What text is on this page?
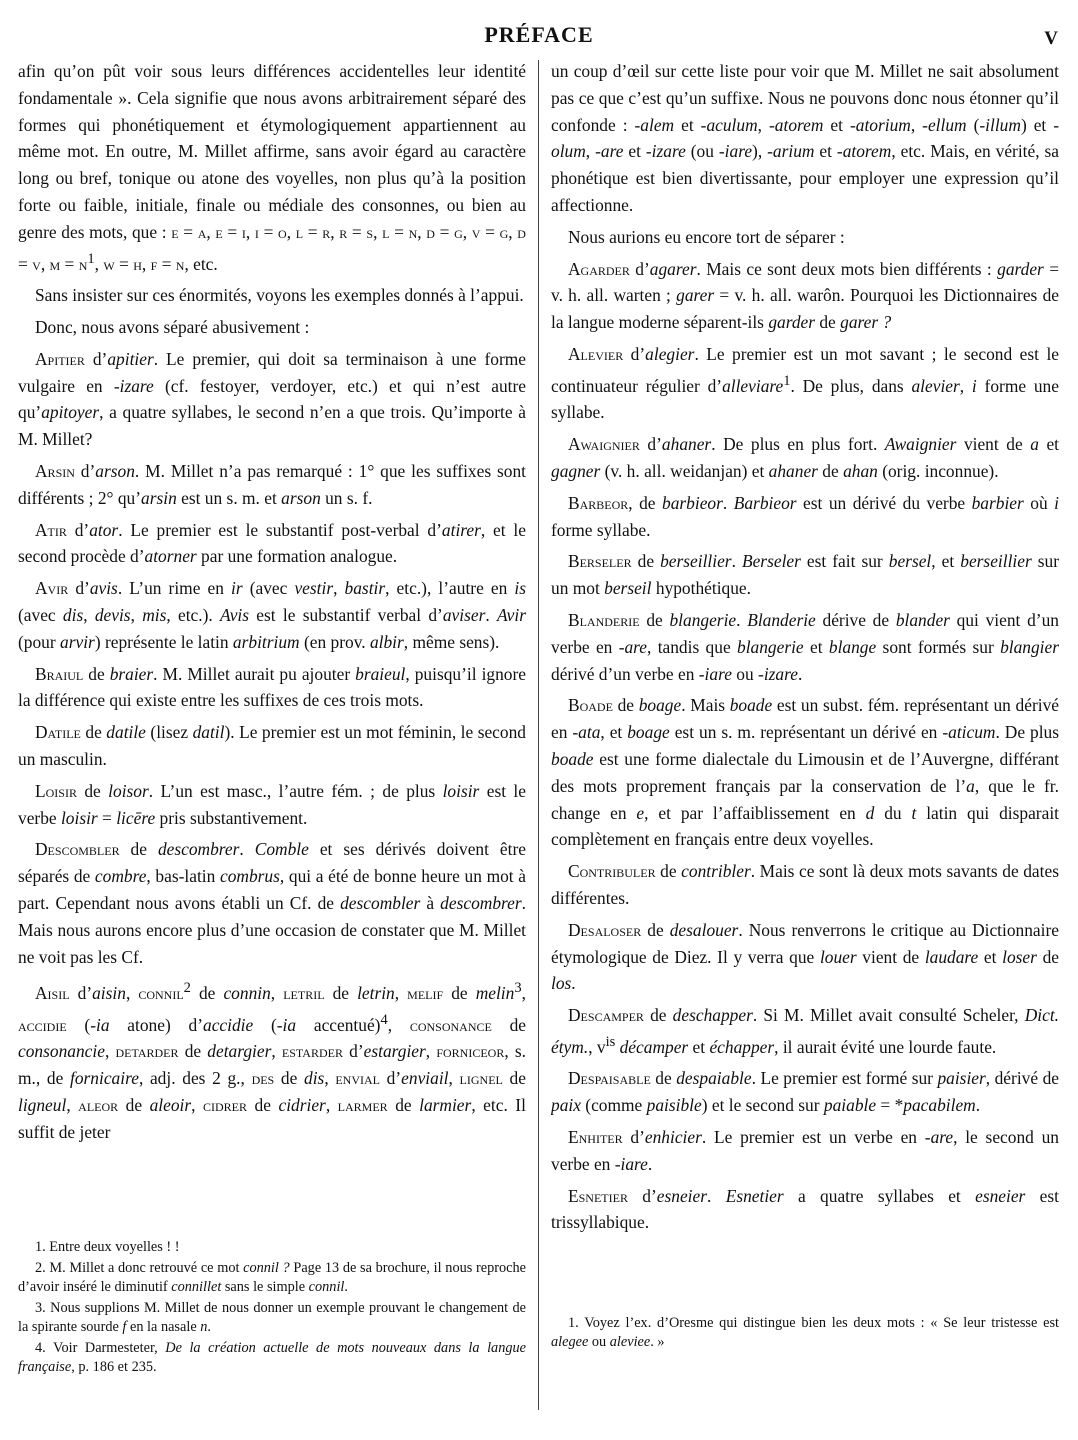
PRÉFACE	V

afin qu’on pût voir sous leurs différences accidentelles leur identité fondamentale ». Cela signifie que nous avons arbitrairement séparé des formes qui phonétiquement et étymologiquement appartiennent au même mot. En outre, M. Millet affirme, sans avoir égard au caractère long ou bref, tonique ou atone des voyelles, non plus qu’à la position forte ou faible, initiale, finale ou médiale des consonnes, ou bien au genre des mots, que : e = a, e = i, i = o, l = r, r = s, l = n, d = g, v = g, d = v, $m = n^1$, w = h, f = n, etc.

Sans insister sur ces énormités, voyons les exemples donnés à l’appui.

Donc, nous avons séparé abusivement :

Apitier d’apitier. Le premier, qui doit sa terminaison à une forme vulgaire en -izare (cf. festoyer, verdoyer, etc.) et qui n’est autre qu’apitoyer, a quatre syllabes, le second n’en a que trois. Qu’importe à M. Millet?

Arsin d’arson. M. Millet n’a pas remarqué : 1° que les suffixes sont différents ; 2° qu’arsin est un s. m. et arson un s. f.

Atir d’ator. Le premier est le substantif post-verbal d’atirer, et le second procède d’atorner par une formation analogue.

Avir d’avis. L’un rime en ir (avec vestir, bastir, etc.), l’autre en is (avec dis, devis, mis, etc.). Avis est le substantif verbal d’aviser. Avir (pour arvir) représente le latin arbitrium (en prov. albir, même sens).

Braiul de braier. M. Millet aurait pu ajouter braieul, puisqu’il ignore la différence qui existe entre les suffixes de ces trois mots.

Datile de datile (lisez datil). Le premier est un mot féminin, le second un masculin.

Loisir de loisor. L’un est masc., l’autre fém. ; de plus loisir est le verbe loisir = licēre pris substantivement.

Descombler de descombrer. Comble et ses dérivés doivent être séparés de combre, bas-latin combrus, qui a été de bonne heure un mot à part. Cependant nous avons établi un Cf. de descombler à descombrer. Mais nous aurons encore plus d’une occasion de constater que M. Millet ne voit pas les Cf.

Aisil d’aisin, connil$^2$ de connin, letril de letrin, melif de melin$^3$, accidie (-ia atone) d’accidie (-ia accentué)$^4$, consonance de consonancie, detarder de detargier, estarder d’estargier, forniceor, s. m., de fornicaire, adj. des 2 g., des de dis, envial d’enviail, lignel de ligneul, aleor de aleoir, cidrer de cidrier, larmer de larmier, etc. Il suffit de jeter

1. Entre deux voyelles ! !

2. M. Millet a donc retrouvé ce mot connil ? Page 13 de sa brochure, il nous reproche d’avoir inséré le diminutif connillet sans le simple connil.

3. Nous supplions M. Millet de nous donner un exemple prouvant le changement de la spirante sourde f en la nasale n.

4. Voir Darmesteter, De la création actuelle de mots nouveaux dans la langue française, p. 186 et 235.

un coup d’œil sur cette liste pour voir que M. Millet ne sait absolument pas ce que c’est qu’un suffixe. Nous ne pouvons donc nous étonner qu’il confonde : -alem et -aculum, -atorem et -atorium, -ellum (-illum) et -olum, -are et -izare (ou -iare), -arium et -atorem, etc. Mais, en vérité, sa phonétique est bien divertissante, pour employer une expression qu’il affectionne.

Nous aurions eu encore tort de séparer :

Agarder d’agarer. Mais ce sont deux mots bien différents : garder = v. h. all. warten ; garer = v. h. all. warôn. Pourquoi les Dictionnaires de la langue moderne séparent-ils garder de garer ?

Alevier d’alegier. Le premier est un mot savant ; le second est le continuateur régulier d’alleviare$^1$. De plus, dans alevier, i forme une syllabe.

Awaignier d’ahaner. De plus en plus fort. Awaignier vient de a et gagner (v. h. all. weidanjan) et ahaner de ahan (orig. inconnue).

Barbeor, de barbieor. Barbieor est un dérivé du verbe barbier où i forme syllabe.

Berseler de berseillier. Berseler est fait sur bersel, et berseillier sur un mot berseil hypothétique.

Blanderie de blangerie. Blanderie dérive de blander qui vient d’un verbe en -are, tandis que blangerie et blange sont formés sur blangier dérivé d’un verbe en -iare ou -izare.

Boade de boage. Mais boade est un subst. fém. représentant un dérivé en -ata, et boage est un s. m. représentant un dérivé en -aticum. De plus boade est une forme dialectale du Limousin et de l’Auvergne, différant des mots proprement français par la conservation de l’a, que le fr. change en e, et par l’affaiblissement en d du t latin qui disparait complètement en français entre deux voyelles.

Contribuler de contribler. Mais ce sont là deux mots savants de dates différentes.

Desaloser de desalouer. Nous renverrons le critique au Dictionnaire étymologique de Diez. Il y verra que louer vient de laudare et loser de los.

Descamper de deschapper. Si M. Millet avait consulté Scheler, Dict. étym., $v^{is}$ décamper et échapper, il aurait évité une lourde faute.

Despaisable de despaiable. Le premier est formé sur paisier, dérivé de paix (comme paisible) et le second sur paiable = *pacabilem.

Enhiter d’enhicier. Le premier est un verbe en -are, le second un verbe en -iare.

Esnetier d’esneier. Esnetier a quatre syllabes et esneier est trissyllabique.

1. Voyez l’ex. d’Oresme qui distingue bien les deux mots : « Se leur tristesse est alegee ou aleviee. »
